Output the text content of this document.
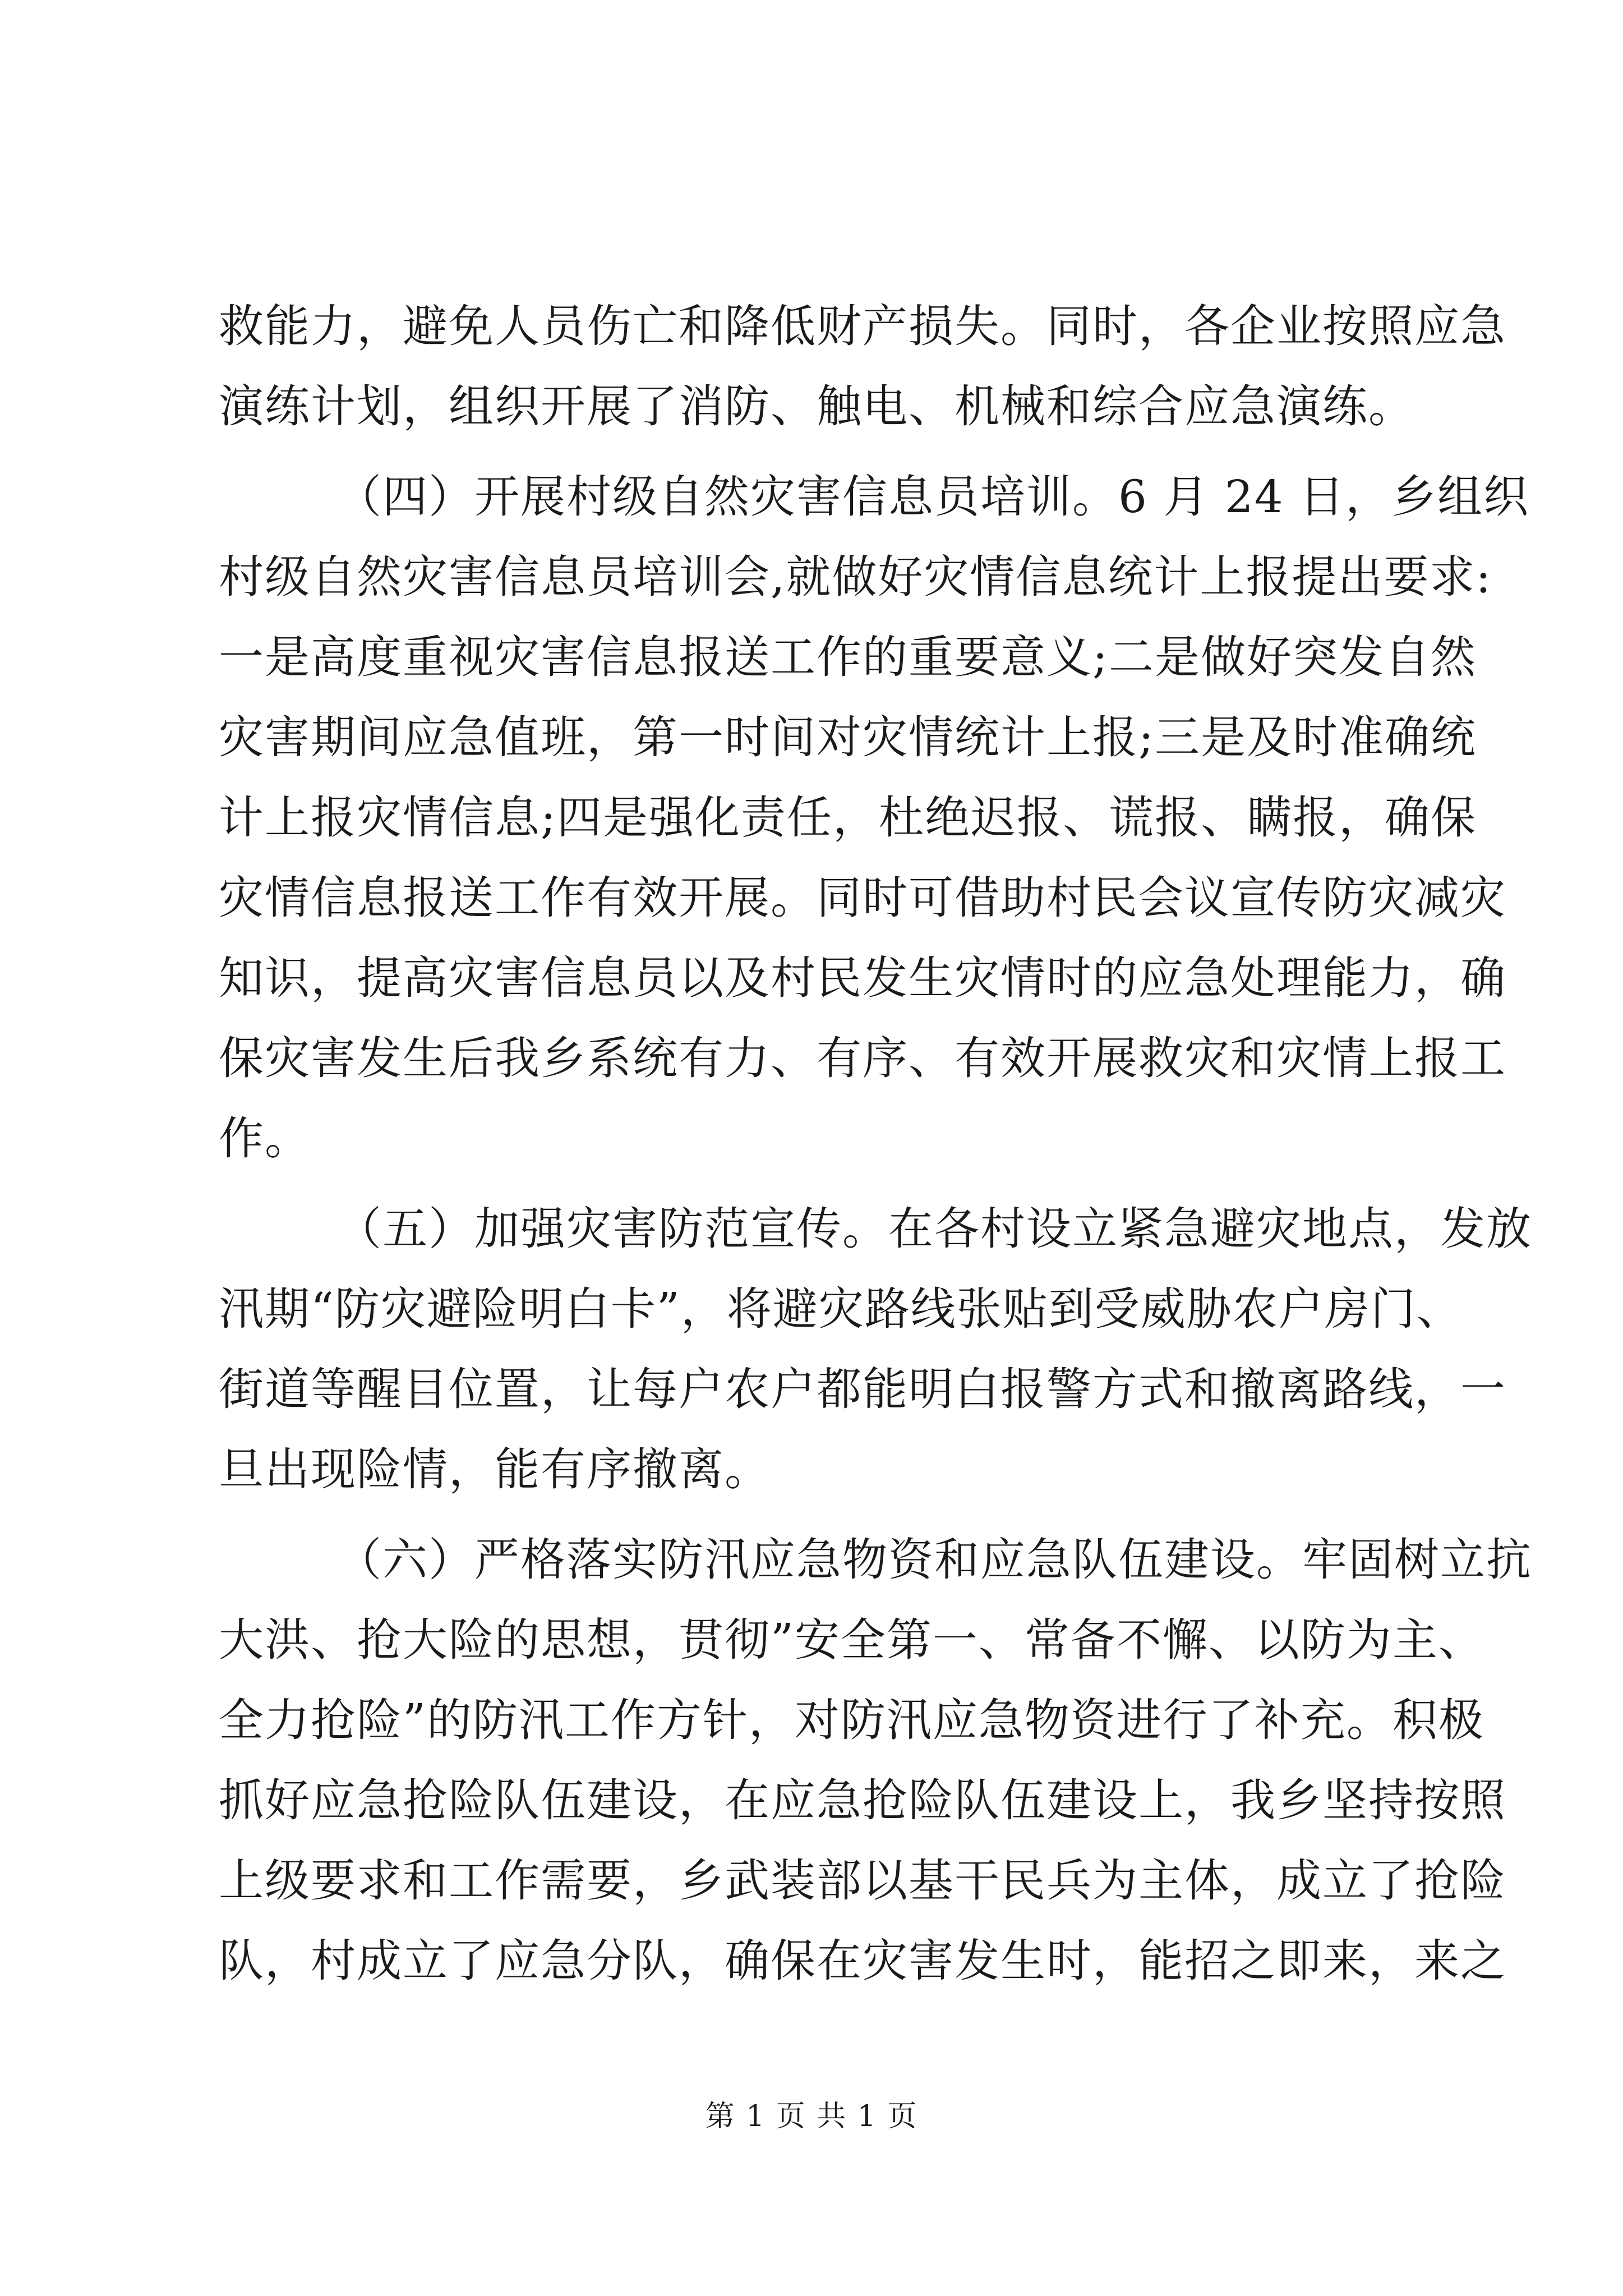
救能力，避免人员伤亡和降低财产损失。同时，各企业按照应急
演练计划，组织开展了消防、触电、机械和综合应急演练。
（四）开展村级自然灾害信息员培训。6 月 24 日，乡组织
村级自然灾害信息员培训会,就做好灾情信息统计上报提出要求:
一是高度重视灾害信息报送工作的重要意义;二是做好突发自然
灾害期间应急值班，第一时间对灾情统计上报;三是及时准确统
计上报灾情信息;四是强化责任，杜绝迟报、谎报、瞒报，确保
灾情信息报送工作有效开展。同时可借助村民会议宣传防灾减灾
知识，提高灾害信息员以及村民发生灾情时的应急处理能力，确
保灾害发生后我乡系统有力、有序、有效开展救灾和灾情上报工
作。
（五）加强灾害防范宣传。在各村设立紧急避灾地点，发放
汛期“防灾避险明白卡”，将避灾路线张贴到受威胁农户房门、
街道等醒目位置，让每户农户都能明白报警方式和撤离路线，一
旦出现险情，能有序撤离。
（六）严格落实防汛应急物资和应急队伍建设。牢固树立抗
大洪、抢大险的思想，贯彻”安全第一、常备不懈、以防为主、
全力抢险”的防汛工作方针，对防汛应急物资进行了补充。积极
抓好应急抢险队伍建设，在应急抢险队伍建设上，我乡坚持按照
上级要求和工作需要，乡武装部以基干民兵为主体，成立了抢险
队，村成立了应急分队，确保在灾害发生时，能招之即来，来之
第 1 页 共 1 页
